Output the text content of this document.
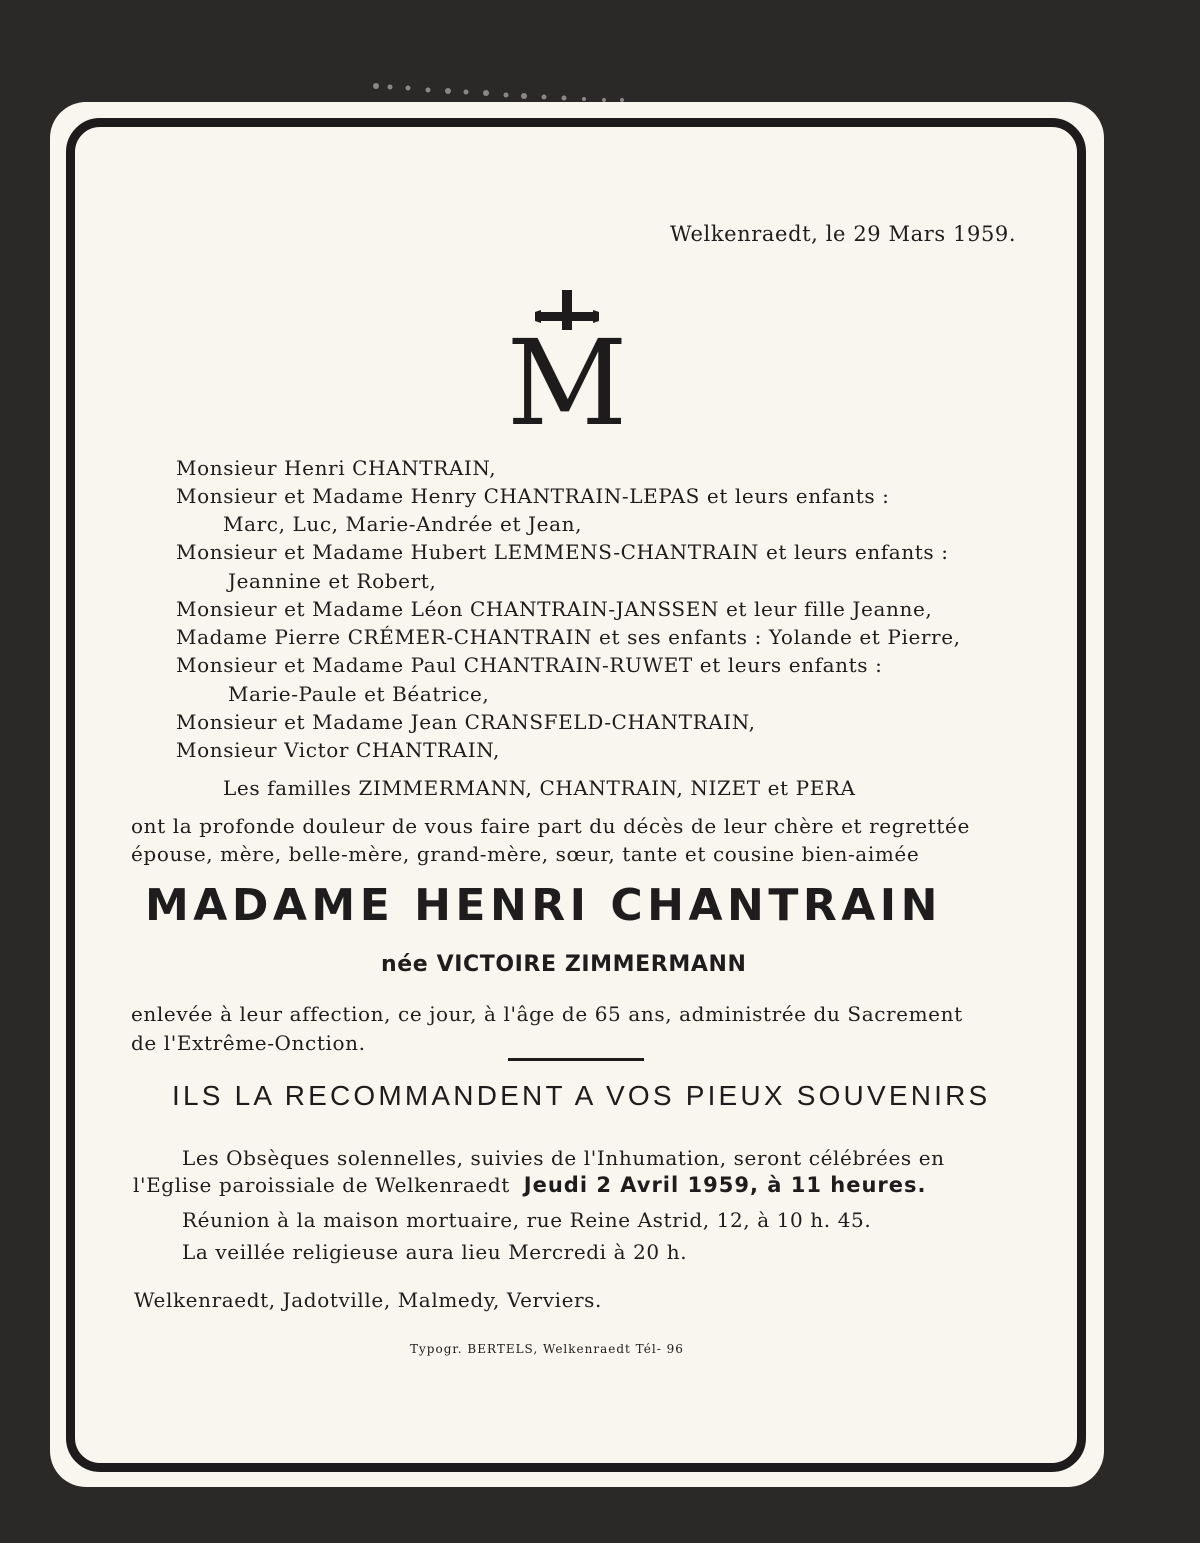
Welkenraedt, le 29 Mars 1959.
M
Monsieur Henri CHANTRAIN,
Monsieur et Madame Henry CHANTRAIN-LEPAS et leurs enfants :
Marc, Luc, Marie-Andrée et Jean,
Monsieur et Madame Hubert LEMMENS-CHANTRAIN et leurs enfants :
Jeannine et Robert,
Monsieur et Madame Léon CHANTRAIN-JANSSEN et leur fille Jeanne,
Madame Pierre CRÉMER-CHANTRAIN et ses enfants : Yolande et Pierre,
Monsieur et Madame Paul CHANTRAIN-RUWET et leurs enfants :
Marie-Paule et Béatrice,
Monsieur et Madame Jean CRANSFELD-CHANTRAIN,
Monsieur Victor CHANTRAIN,
Les familles ZIMMERMANN, CHANTRAIN, NIZET et PERA
ont la profonde douleur de vous faire part du décès de leur chère et regrettée
épouse, mère, belle-mère, grand-mère, sœur, tante et cousine bien-aimée
MADAME HENRI CHANTRAIN
née VICTOIRE ZIMMERMANN
enlevée à leur affection, ce jour, à l'âge de 65 ans, administrée du Sacrement
de l'Extrême-Onction.
ILS LA RECOMMANDENT A VOS PIEUX SOUVENIRS
Les Obsèques solennelles, suivies de l'Inhumation, seront célébrées en
l'Eglise paroissiale de Welkenraedt Jeudi 2 Avril 1959, à 11 heures.
Réunion à la maison mortuaire, rue Reine Astrid, 12, à 10 h. 45.
La veillée religieuse aura lieu Mercredi à 20 h.
Welkenraedt, Jadotville, Malmedy, Verviers.
Typogr. BERTELS, Welkenraedt Tél- 96
